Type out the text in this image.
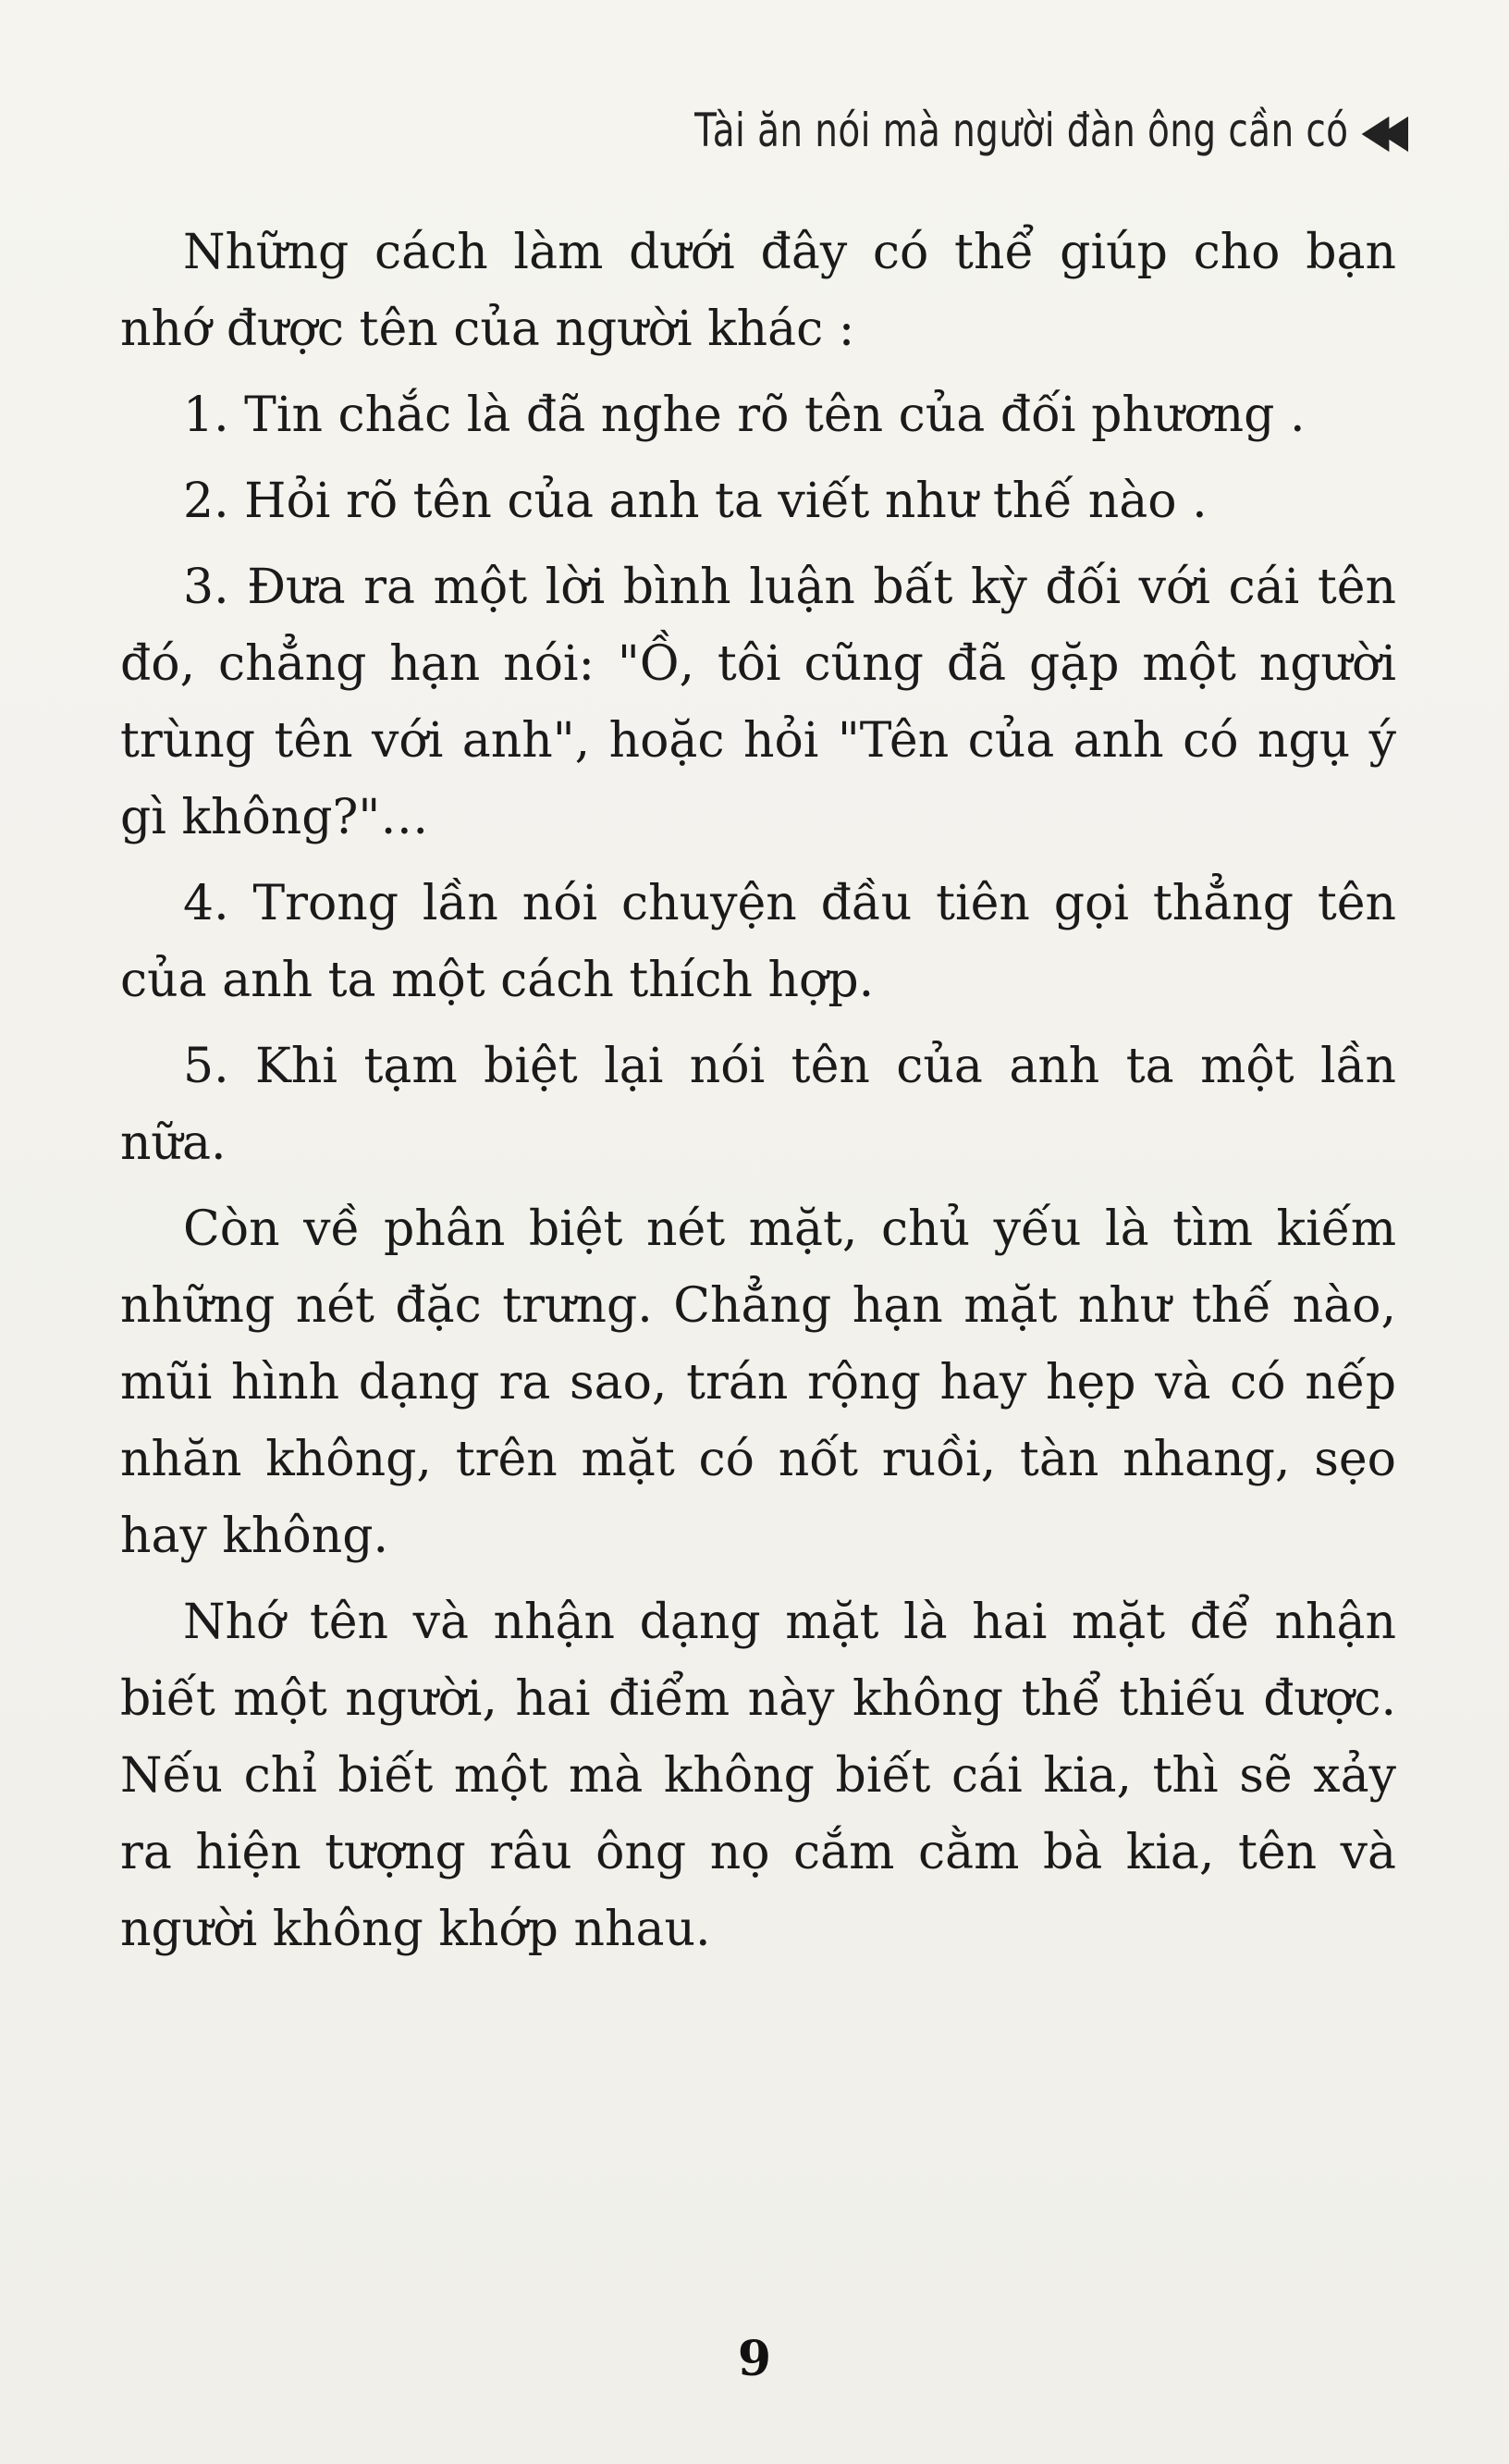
Tài ăn nói mà người đàn ông cần có ◀◀

Những cách làm dưới đây có thể giúp cho bạn nhớ được tên của người khác :

1. Tin chắc là đã nghe rõ tên của đối phương .

2. Hỏi rõ tên của anh ta viết như thế nào .

3. Đưa ra một lời bình luận bất kỳ đối với cái tên đó, chẳng hạn nói: "Ồ, tôi cũng đã gặp một người trùng tên với anh", hoặc hỏi "Tên của anh có ngụ ý gì không?"…

4. Trong lần nói chuyện đầu tiên gọi thẳng tên của anh ta một cách thích hợp.

5. Khi tạm biệt lại nói tên của anh ta một lần nữa.

Còn về phân biệt nét mặt, chủ yếu là tìm kiếm những nét đặc trưng. Chẳng hạn mặt như thế nào, mũi hình dạng ra sao, trán rộng hay hẹp và có nếp nhăn không, trên mặt có nốt ruồi, tàn nhang, sẹo hay không.

Nhớ tên và nhận dạng mặt là hai mặt để nhận biết một người, hai điểm này không thể thiếu được. Nếu chỉ biết một mà không biết cái kia, thì sẽ xảy ra hiện tượng râu ông nọ cắm cằm bà kia, tên và người không khớp nhau.

9
